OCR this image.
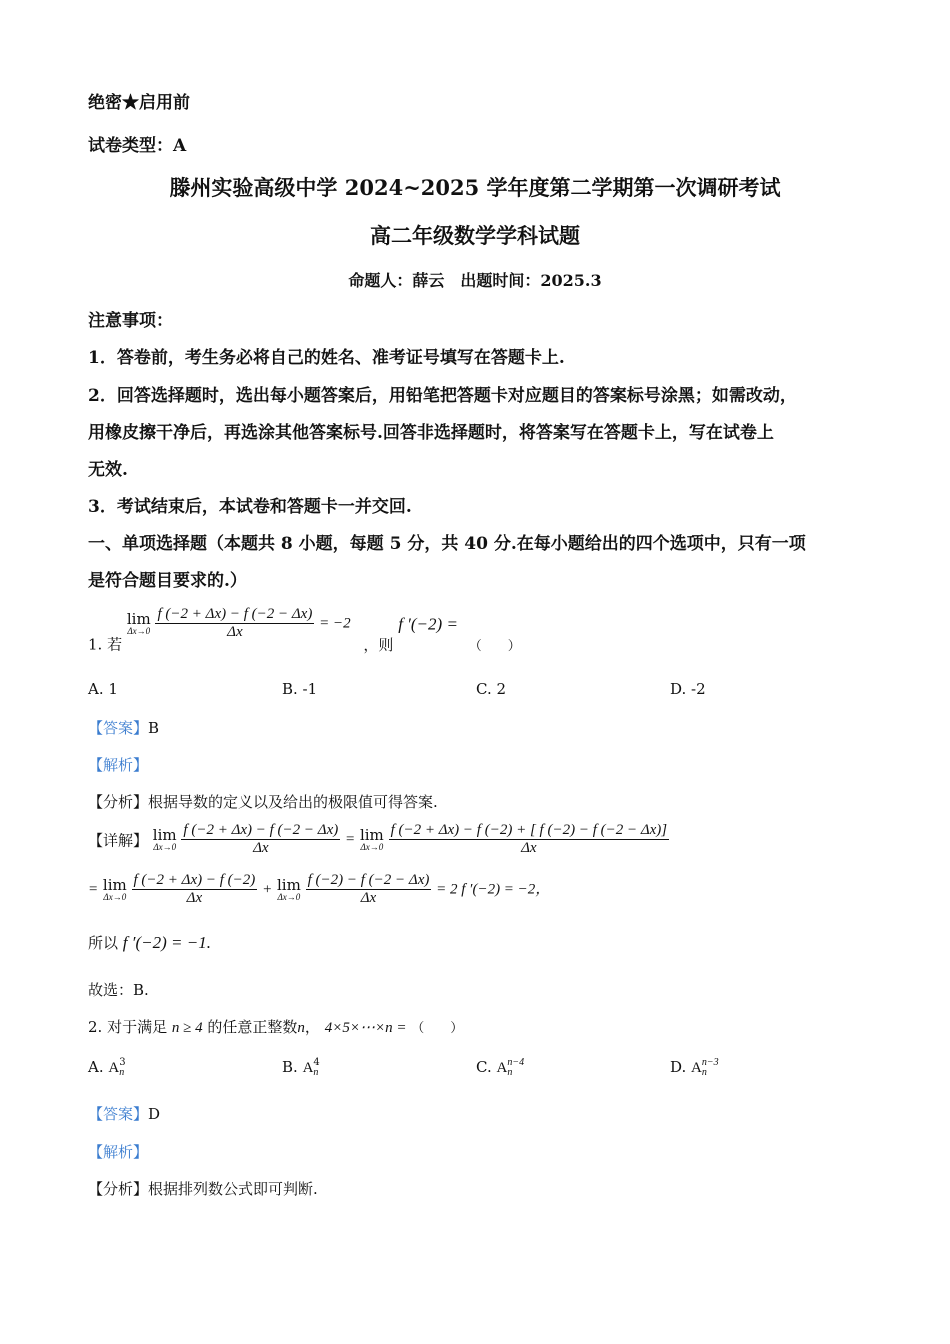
绝密★启用前
试卷类型：A
滕州实验高级中学 2024~2025 学年度第二学期第一次调研考试
高二年级数学学科试题
命题人：薛云　出题时间：2025.3
注意事项：
1．答卷前，考生务必将自己的姓名、准考证号填写在答题卡上.
2．回答选择题时，选出每小题答案后，用铅笔把答题卡对应题目的答案标号涂黑；如需改动，
用橡皮擦干净后，再选涂其他答案标号.回答非选择题时，将答案写在答题卡上，写在试卷上
无效.
3．考试结束后，本试卷和答题卡一并交回.
一、单项选择题（本题共 8 小题，每题 5 分，共 40 分.在每小题给出的四个选项中，只有一项
是符合题目要求的.）
1. 若 lim
Δx→0
$\frac{f (-2 + \Delta x) - f (-2 - \Delta x)}{\Delta x} = -2$ ，则 f ′(−2) = （　　）
A. 1	B. -1	C. 2	D. -2
【答案】B
【解析】
【分析】根据导数的定义以及给出的极限值可得答案.
【详解】 lim
Δx→0
$\frac{f (-2 + \Delta x) - f (-2 - \Delta x)}{\Delta x} = \lim$
Δx→0
$\frac{f (-2 + \Delta x) - f (-2) + [ f (-2) - f (-2 - \Delta x)]}{\Delta x}$
= lim
Δx→0
$\frac{f (-2 + \Delta x) - f (-2)}{\Delta x} + \lim$
Δx→0
$\frac{f (-2) - f (-2 - \Delta x)}{\Delta x} = 2$ f ′(−2) = −2，
所以 f ′(−2) = −1.
故选：B.
2. 对于满足 n ≥ 4 的任意正整数n， 4×5×⋯×n = （　　）
A. A 3
n	B. A 4
n	C. A n−4
n	D. A n−3
n
【答案】D
【解析】
【分析】根据排列数公式即可判断.
